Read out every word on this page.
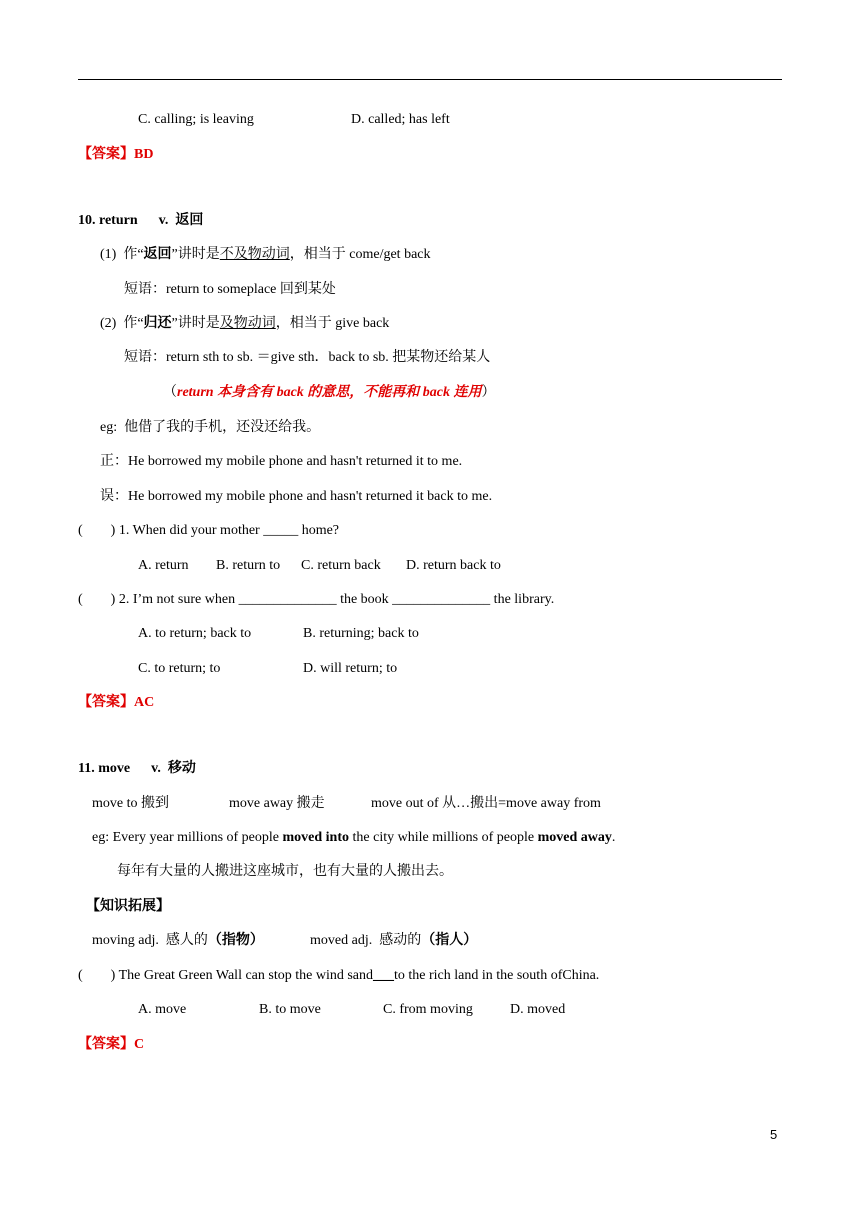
C. calling; is leaving	D. called; has left
【答案】BD
10. return v. 返回
(1) 作“返回”讲时是不及物动词，相当于 come/get back
短语：return to someplace 回到某处
(2) 作“归还”讲时是及物动词，相当于 give back
短语：return sth to sb. ＝give sth．back to sb. 把某物还给某人
（return 本身含有 back 的意思，不能再和 back 连用）
eg:  他借了我的手机，还没还给我。
正：He borrowed my mobile phone and hasn't returned it to me.
误：He borrowed my mobile phone and hasn't returned it back to me.
(        ) 1. When did your mother _____ home?
A. return B. return to C. return back D. return back to
(        ) 2. I’m not sure when ______________ the book ______________ the library.
A. to return; back to	B. returning; back to
C. to return; to	D. will return; to
【答案】AC
11. move v. 移动
move to 搬到	move away 搬走	move out of 从…搬出=move away from
eg: Every year millions of people moved into the city while millions of people moved away.
每年有大量的人搬进这座城市，也有大量的人搬出去。
【知识拓展】
moving adj.  感人的（指物）	moved adj.  感动的（指人）
(        ) The Great Green Wall can stop the wind sand___to the rich land in the south ofChina.
A. move	B. to move	C. from moving	D. moved
【答案】C
5
